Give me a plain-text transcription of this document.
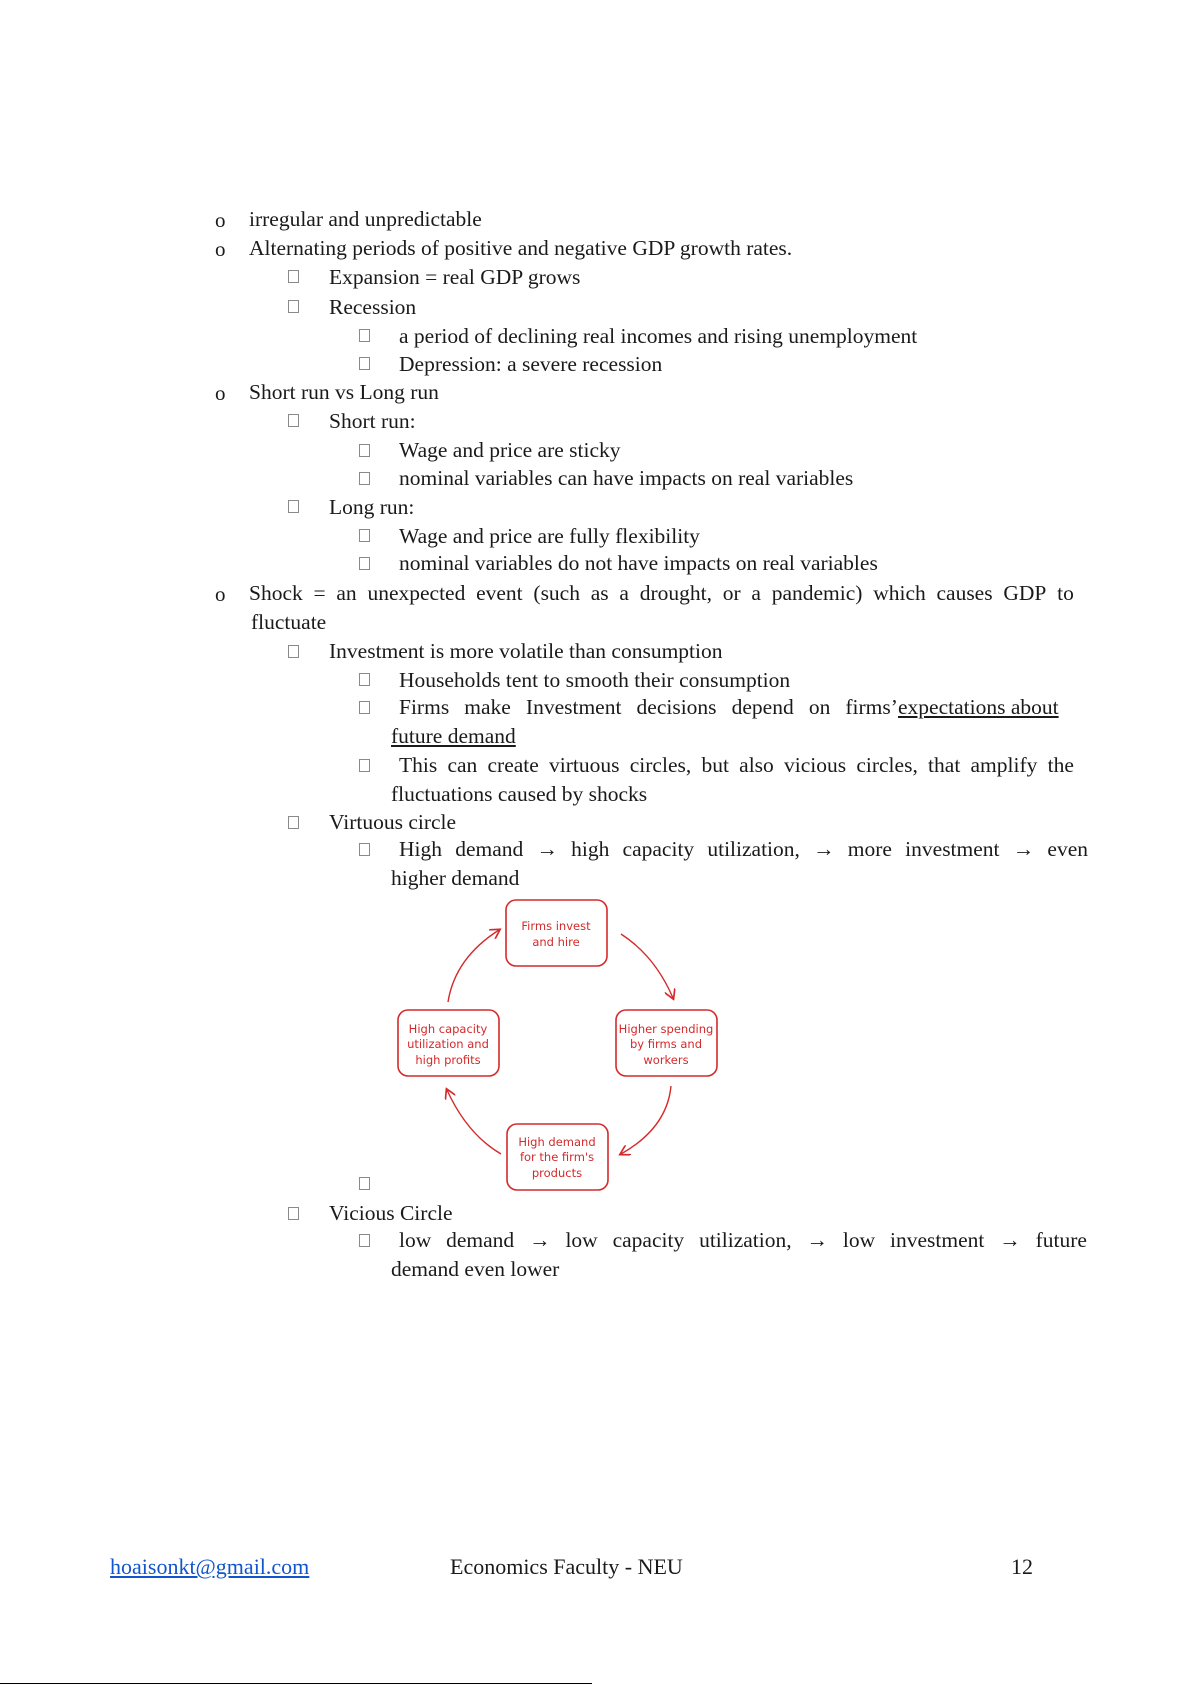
o irregular and unpredictable
o Alternating periods of positive and negative GDP growth rates.
Expansion = real GDP grows
Recession
a period of declining real incomes and rising unemployment
Depression: a severe recession
o Short run vs Long run
Short run:
Wage and price are sticky
nominal variables can have impacts on real variables
Long run:
Wage and price are fully flexibility
nominal variables do not have impacts on real variables
o Shock = an unexpected event (such as a drought, or a pandemic) which causes GDP to
fluctuate
Investment is more volatile than consumption
Households tent to smooth their consumption
Firms make Investment decisions depend on firms’ expectations about
future demand
This can create virtuous circles, but also vicious circles, that amplify the
fluctuations caused by shocks
Virtuous circle
High demand → high capacity utilization, → more investment → even
higher demand
Firms invest
and hire
Higher spending
by firms and
workers
High demand
for the firm's
products
High capacity
utilization and
high profits
Vicious Circle
low demand → low capacity utilization, → low investment → future
demand even lower
hoaisonkt@gmail.com	Economics Faculty - NEU	12
